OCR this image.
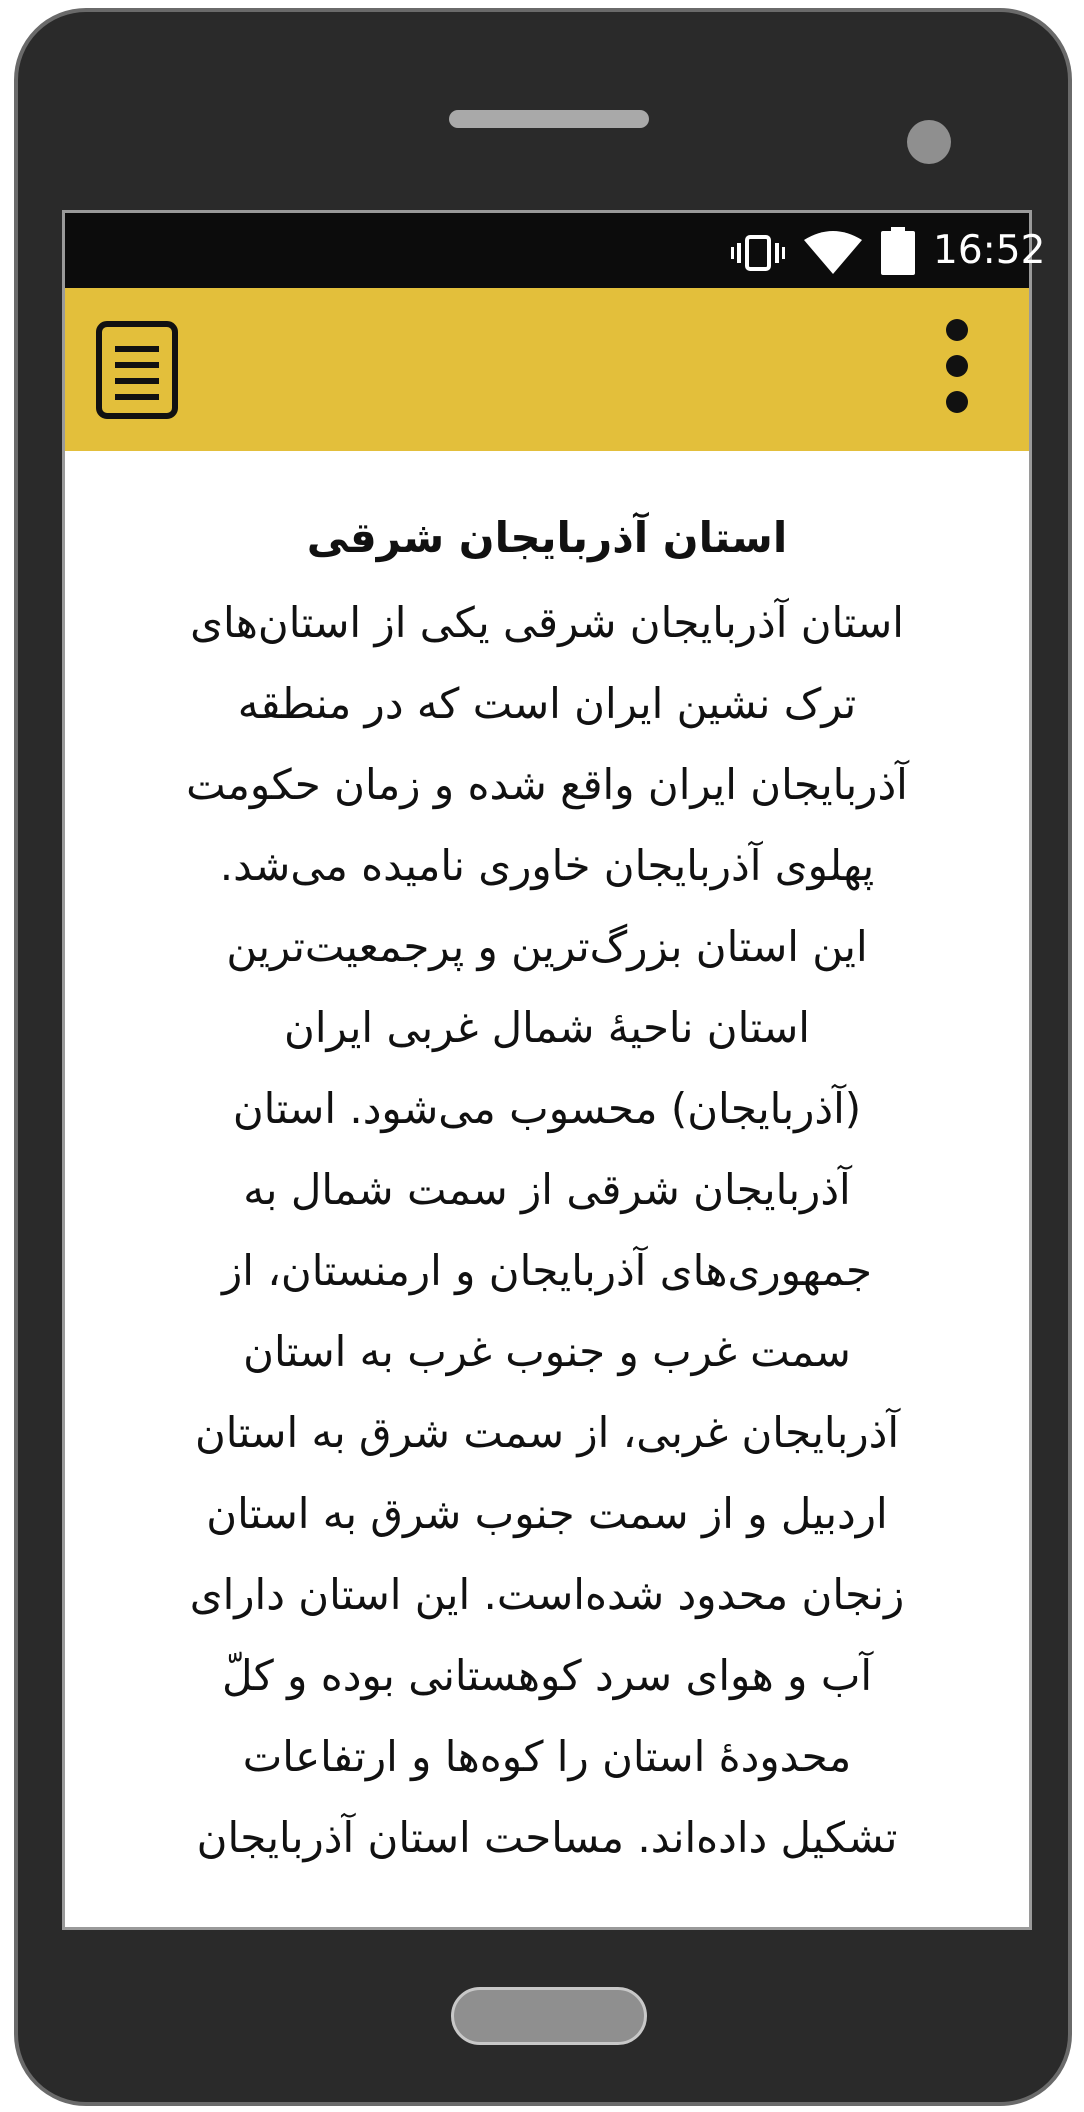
16:52
استان آذربایجان شرقی

استان آذربایجان شرقی یکی از استان‌های
ترک نشین ایران است که در منطقه
آذربایجان ایران واقع شده و زمان حکومت
پهلوی آذربایجان خاوری نامیده می‌شد.
این استان بزرگ‌ترین و پرجمعیت‌ترین
استان ناحیهٔ شمال غربی ایران
(آذربایجان) محسوب می‌شود. استان
آذربایجان شرقی از سمت شمال به
جمهوری‌های آذربایجان و ارمنستان، از
سمت غرب و جنوب غرب به استان
آذربایجان غربی، از سمت شرق به استان
اردبیل و از سمت جنوب شرق به استان
زنجان محدود شده‌است. این استان دارای
آب و هوای سرد کوهستانی بوده و کلّ
محدودهٔ استان را کوه‌ها و ارتفاعات
تشکیل داده‌اند. مساحت استان آذربایجان
